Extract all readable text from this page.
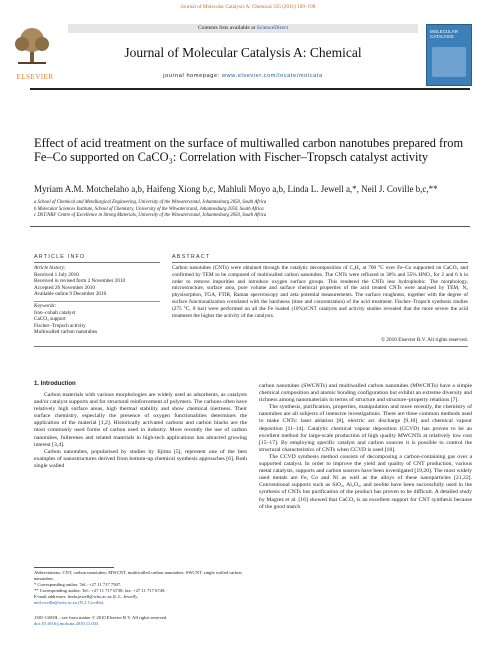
Journal of Molecular Catalysis A: Chemical 335 (2011) 189–198
ELSEVIER
Contents lists available at ScienceDirect
Journal of Molecular Catalysis A: Chemical
journal homepage: www.elsevier.com/locate/molcata
MOLECULAR CATALYSIS
Effect of acid treatment on the surface of multiwalled carbon nanotubes prepared from Fe–Co supported on CaCO₃: Correlation with Fischer–Tropsch catalyst activity
Myriam A.M. Motchelaho a,b, Haifeng Xiong b,c, Mahluli Moyo a,b, Linda L. Jewell a,*, Neil J. Coville b,c,**
a School of Chemical and Metallurgical Engineering, University of the Witwatersrand, Johannesburg 2050, South Africa
b Molecular Sciences Institute, School of Chemistry, University of the Witwatersrand, Johannesburg 2050, South Africa
c DST/NRF Centre of Excellence in Strong Materials, University of the Witwatersrand, Johannesburg 2050, South Africa
ARTICLE INFO	ABSTRACT
Article history:
Received 1 July 2010
Received in revised form 2 November 2010
Accepted 26 November 2010
Available online 9 December 2010
Keywords:
Iron–cobalt catalyst
CaCO₃ support
Fischer–Tropsch activity
Multiwalled carbon nanotubes
Carbon nanotubes (CNTs) were obtained through the catalytic decomposition of C₂H₂ at 700 °C over Fe–Co supported on CaCO₃ and confirmed by TEM to be composed of multiwalled carbon nanotubes. The CNTs were refluxed in 30% and 55% HNO₃ for 2 and 6 h in order to remove impurities and introduce oxygen surface groups. This rendered the CNTs less hydrophobic. The morphology, microstructure, surface area, pore volume and surface chemical properties of the acid treated CNTs were analysed by TEM, N₂ physisorption, TGA, FTIR, Raman spectroscopy and zeta potential measurements. The surface roughness, together with the degree of surface functionalization correlated with the harshness (time and concentration) of the acid treatment. Fischer–Tropsch synthesis studies (275 °C, 8 bar) were performed on all the Fe loaded (10%)/CNT catalysts and activity studies revealed that the more severe the acid treatment the higher the activity of the catalysts.
© 2010 Elsevier B.V. All rights reserved.
1. Introduction

Carbon materials with various morphologies are widely used as adsorbents, as catalysts and/or catalyst supports and for structural reinforcement of polymers. The carbons often have relatively high surface areas, high thermal stability and show chemical inertness. Their surface chemistry, especially the presence of oxygen functionalities determines the application of the material [1,2]. Historically activated carbons and carbon blacks are the most commonly used forms of carbon used in industry. More recently the use of carbon nanotubes, fullerenes and related materials in high-tech applications has attracted growing interest [3,4].

Carbon nanotubes, popularised by studies by Iijima [5], represent one of the best examples of nanostructures derived from bottom-up chemical synthesis approaches [6]. Both single walled

carbon nanotubes (SWCNTs) and multiwalled carbon nanotubes (MWCNTs) have a simple chemical composition and atomic bonding configuration but exhibit an extreme diversity and richness among nanomaterials in terms of structure and structure–property relations [7].

The synthesis, purification, properties, manipulation and more recently, the chemistry of nanotubes are all subjects of intensive investigations. There are three common methods used to make CNTs: laser ablation [8], electric arc discharge [9,10] and chemical vapour deposition [11–14]. Catalytic chemical vapour deposition (CCVD) has proven to be an excellent method for large-scale production of high quality MWCNTs at relatively low cost [15–17]. By employing specific catalyst and carbon sources it is possible to control the structural characteristics of CNTs when CCVD is used [18].

The CCVD synthesis method consists of decomposing a carbon-containing gas over a supported catalyst. In order to improve the yield and quality of CNT production, various metal catalysts, supports and carbon sources have been investigated [19,20]. The most widely used metals are Fe, Co and Ni as well as the alloys of these nanoparticles [21,22]. Conventional supports such as SiO₂, Al₂O₃, and zeolite have been successfully used in the synthesis of CNTs but purification of the product has proven to be difficult. A detailed study by Magrez et al. [16] showed that CaCO₃ is an excellent support for CNT synthesis because of the good match

Abbreviations: CNT, carbon nanotubes; MWCNT, multiwalled carbon nanotubes; SWCNT, single walled carbon nanotubes.
* Corresponding author. Tel.: +27 11 717 7507.
** Corresponding author. Tel.: +27 11 717 6738; fax: +27 11 717 6749.
E-mail addresses: linda.jewell@wits.ac.za (L.L. Jewell),
neil.coville@wits.ac.za (N.J. Coville).
1381-1169/$ – see front matter © 2010 Elsevier B.V. All rights reserved.
doi:10.1016/j.molcata.2010.11.033
